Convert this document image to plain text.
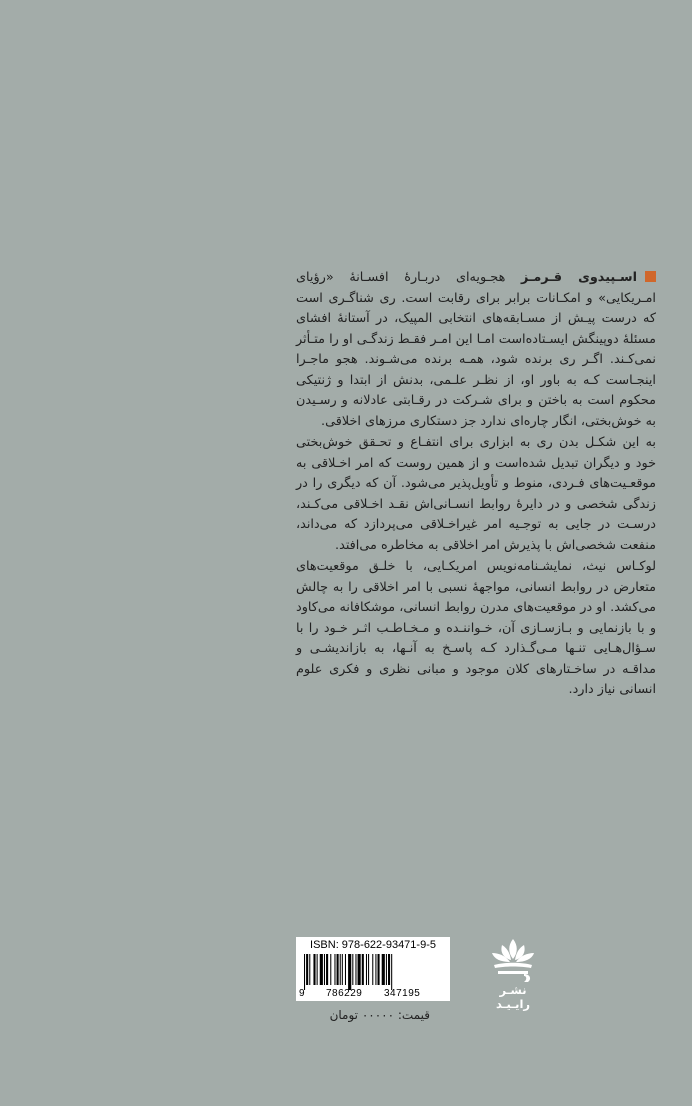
اسـپیدوی قـرمـز هجـویه‌ای دربـارۀ افسـانۀ «رؤیای امـریکایی» و امکـانات برابر برای رقابت است. ری شناگـری است که درست پیـش از مسـابقه‌های انتخابی المپیک، در آستانۀ افشای مسئلۀ دوپینگش ایسـتاده‌است امـا این امـر فقـط زندگـی او را متـأثر نمی‌کـند. اگـر ری برنده شود، همـه برنده می‌شـوند. هجو ماجـرا اینجـاست کـه به باور او، از نظـر علـمی، بدنش از ابتدا و ژنتیکی محکوم است به باختن و برای شـرکت در رقـابتی عادلانه و رسـیدن به خوش‌بختی، انگار چاره‌ای ندارد جز دستکاری مرزهای اخلاقی.

به این شکـل بدن ری به ابزاری برای انتفـاع و تحـقق خوش‌بختی خود و دیگران تبدیل شده‌است و از همین روست که امر اخـلاقی به موقعـیت‌های فـردی، منوط و تأویل‌پذیر می‌شود. آن که دیگری را در زندگی شخصی و در دایرۀ روابط انسـانی‌اش نقـد اخـلاقی می‌کـند، درسـت در جایی به توجـیه امر غیراخـلاقی می‌پردازد که می‌داند، منفعت شخصی‌اش با پذیرش امر اخلاقی به مخاطره می‌افتد.

لوکـاس نیث، نمایشـنامه‌نویس امریکـایی، با خلـق موقعیت‌های متعارض در روابط انسانی، مواجهۀ نسبی با امر اخلاقی را به چالش می‌کشد. او در موقعیت‌های مدرن روابط انسانی، موشکافانه می‌کاود و با بازنمایی و بـازسـازی آن، خـواننـده و مـخـاطـب اثـر خـود را با سـؤال‌هـایی تنـها مـی‌گـذارد کـه پاسـخ به آنـها، به بازاندیشـی و مداقـه در ساخـتارهای کلان موجود و مبانی نظری و فکری علوم انسانی نیاز دارد.

ISBN: 978-622-93471-9-5
9 786229 347195
قیمت: ۰۰۰۰۰ تومان
نشـر رایـیـد
